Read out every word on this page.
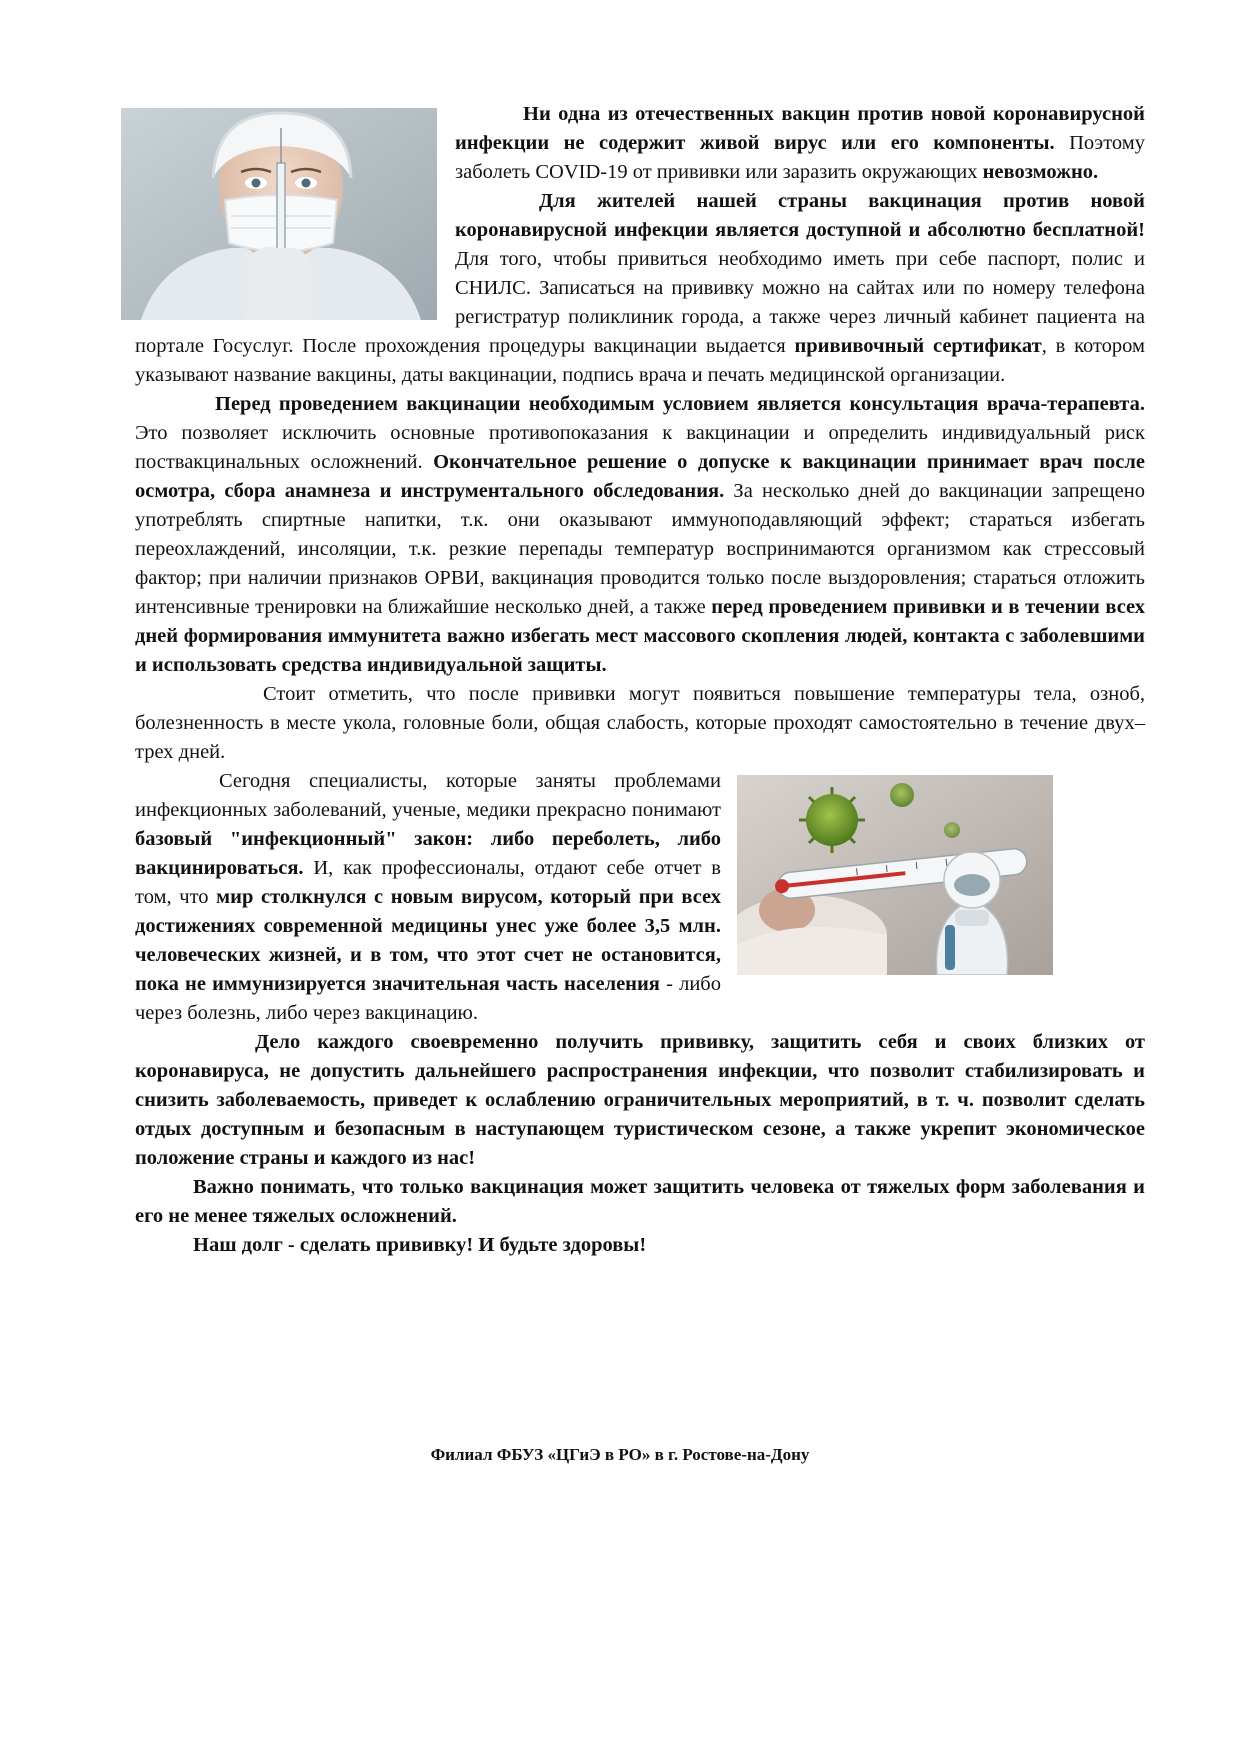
Ни одна из отечественных вакцин против новой коронавирусной инфекции не содержит живой вирус или его компоненты. Поэтому заболеть COVID-19 от прививки или заразить окружающих невозможно.

Для жителей нашей страны вакцинация против новой коронавирусной инфекции является доступной и абсолютно бесплатной! Для того, чтобы привиться необходимо иметь при себе паспорт, полис и СНИЛС. Записаться на прививку можно на сайтах или по номеру телефона регистратур поликлиник города, а также через личный кабинет пациента на портале Госуслуг. После прохождения процедуры вакцинации выдается прививочный сертификат, в котором указывают название вакцины, даты вакцинации, подпись врача и печать медицинской организации.

Перед проведением вакцинации необходимым условием является консультация врача-терапевта. Это позволяет исключить основные противопоказания к вакцинации и определить индивидуальный риск поствакцинальных осложнений. Окончательное решение о допуске к вакцинации принимает врач после осмотра, сбора анамнеза и инструментального обследования. За несколько дней до вакцинации запрещено употреблять спиртные напитки, т.к. они оказывают иммуноподавляющий эффект; стараться избегать переохлаждений, инсоляции, т.к. резкие перепады температур воспринимаются организмом как стрессовый фактор; при наличии признаков ОРВИ, вакцинация проводится только после выздоровления; стараться отложить интенсивные тренировки на ближайшие несколько дней, а также перед проведением прививки и в течении всех дней формирования иммунитета важно избегать мест массового скопления людей, контакта с заболевшими и использовать средства индивидуальной защиты.

Стоит отметить, что после прививки могут появиться повышение температуры тела, озноб, болезненность в месте укола, головные боли, общая слабость, которые проходят самостоятельно в течение двух–трех дней.

Сегодня специалисты, которые заняты проблемами инфекционных заболеваний, ученые, медики прекрасно понимают базовый "инфекционный" закон: либо переболеть, либо вакцинироваться. И, как профессионалы, отдают себе отчет в том, что мир столкнулся с новым вирусом, который при всех достижениях современной медицины унес уже более 3,5 млн. человеческих жизней, и в том, что этот счет не остановится, пока не иммунизируется значительная часть населения - либо через болезнь, либо через вакцинацию.

Дело каждого своевременно получить прививку, защитить себя и своих близких от коронавируса, не допустить дальнейшего распространения инфекции, что позволит стабилизировать и снизить заболеваемость, приведет к ослаблению ограничительных мероприятий, в т. ч. позволит сделать отдых доступным и безопасным в наступающем туристическом сезоне, а также укрепит экономическое положение страны и каждого из нас!

Важно понимать, что только вакцинация может защитить человека от тяжелых форм заболевания и его не менее тяжелых осложнений.

Наш долг - сделать прививку! И будьте здоровы!

Филиал ФБУЗ «ЦГиЭ в РО» в г. Ростове-на-Дону
